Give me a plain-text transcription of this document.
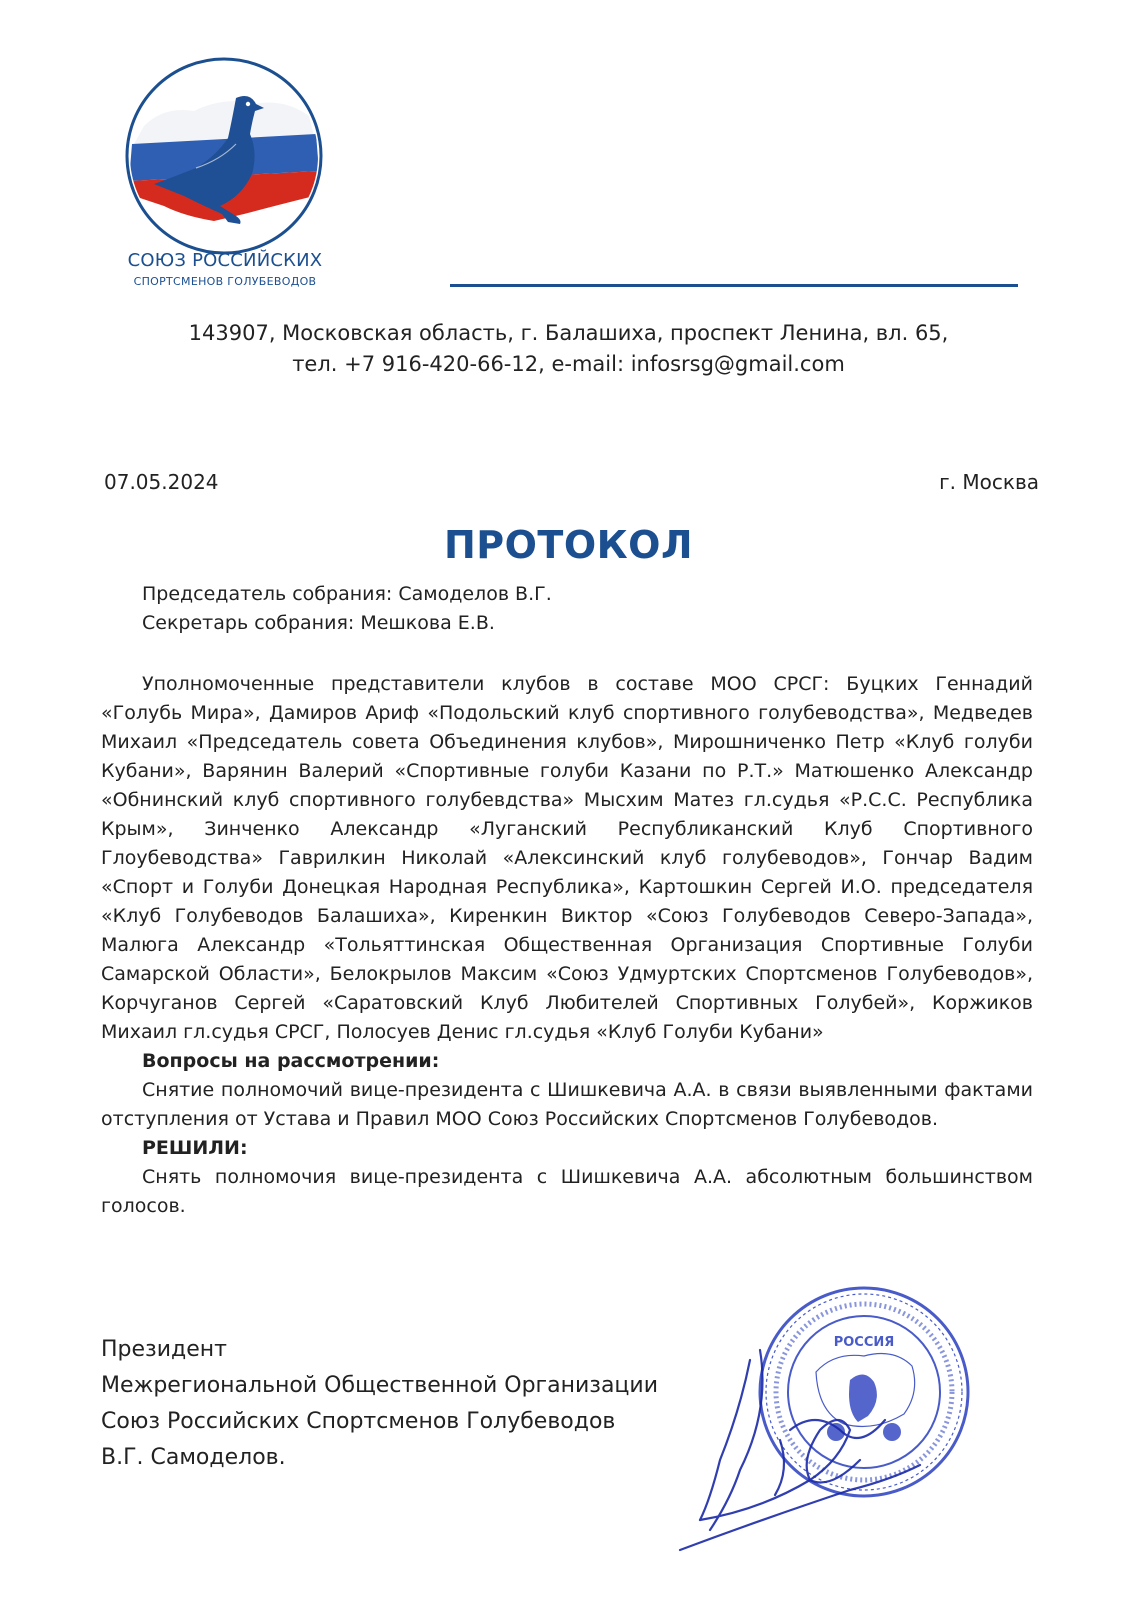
СОЮЗ РОССИЙСКИХ
СПОРТСМЕНОВ ГОЛУБЕВОДОВ
143907, Московская область, г. Балашиха, проспект Ленина, вл. 65,
тел. +7 916-420-66-12, e-mail: infosrsg@gmail.com
07.05.2024	г. Москва
ПРОТОКОЛ
Председатель собрания: Самоделов В.Г.
Секретарь собрания: Мешкова Е.В.

Уполномоченные представители клубов в составе МОО СРСГ: Буцких Геннадий «Голубь Мира», Дамиров Ариф «Подольский клуб спортивного голубеводства», Медведев Михаил «Председатель совета Объединения клубов», Мирошниченко Петр «Клуб голуби Кубани», Варянин Валерий «Спортивные голуби Казани по Р.Т.» Матюшенко Александр «Обнинский клуб спортивного голубевдства» Мысхим Матез гл.судья «Р.С.С. Республика Крым», Зинченко Александр «Луганский Республиканский Клуб Спортивного Глоубеводства» Гаврилкин Николай «Алексинский клуб голубеводов», Гончар Вадим «Спорт и Голуби Донецкая Народная Республика», Картошкин Сергей И.О. председателя «Клуб Голубеводов Балашиха», Киренкин Виктор «Союз Голубеводов Северо-Запада», Малюга Александр «Тольяттинская Общественная Организация Спортивные Голуби Самарской Области», Белокрылов Максим «Союз Удмуртских Спортсменов Голубеводов», Корчуганов Сергей «Саратовский Клуб Любителей Спортивных Голубей», Коржиков Михаил гл.судья СРСГ, Полосуев Денис гл.судья «Клуб Голуби Кубани»

Вопросы на рассмотрении:

Снятие полномочий вице-президента с Шишкевича А.А. в связи выявленными фактами отступления от Устава и Правил МОО Союз Российских Спортсменов Голубеводов.

РЕШИЛИ:

Снять полномочия вице-президента с Шишкевича А.А. абсолютным большинством голосов.

Президент
Межрегиональной Общественной Организации
Союз Российских Спортсменов Голубеводов
В.Г. Самоделов.
РОССИЯ
